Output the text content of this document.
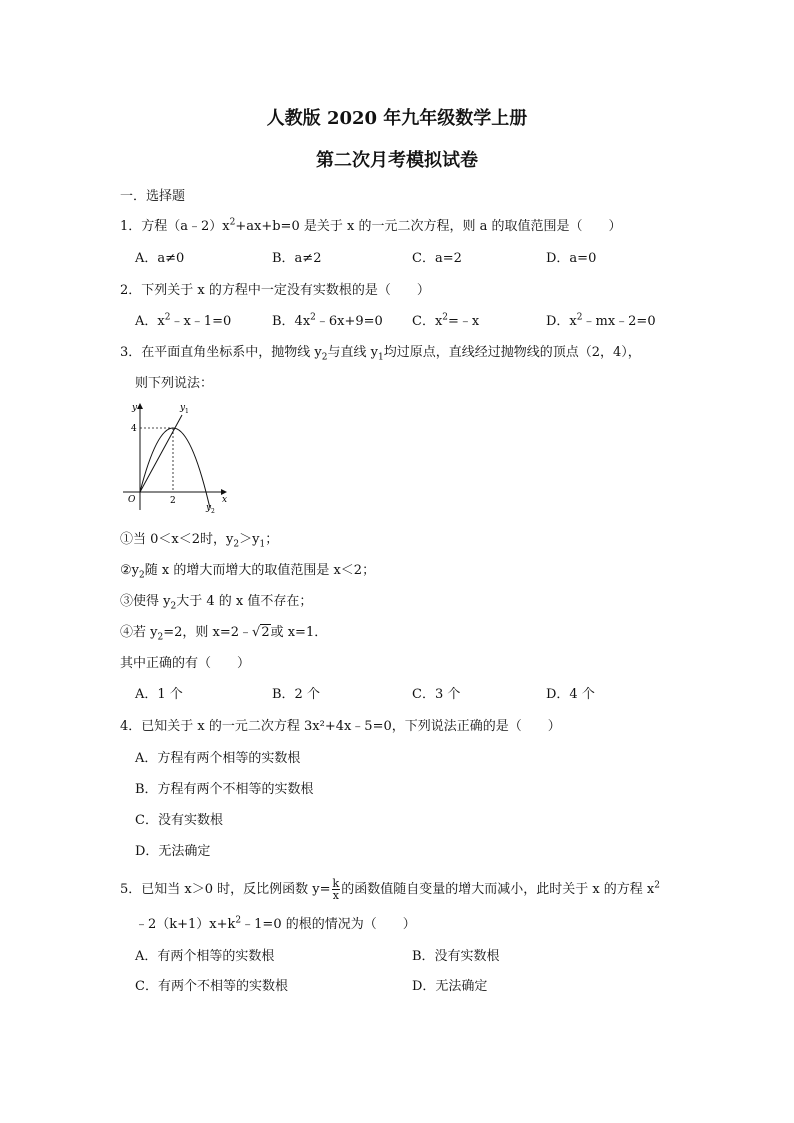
人教版 2020 年九年级数学上册
第二次月考模拟试卷
一．选择题
1．方程$(a﹣2)x^2+ax+b=0$ 是关于 x 的一元二次方程，则 a 的取值范围是（　　）
A．a≠0	B．a≠2	C．a=2	D．a=0
2．下列关于 x 的方程中一定没有实数根的是（　　）
A．$x^2﹣x﹣1=0$	B．$4x^2﹣6x+9=0$ C．$x^2=﹣x$	D．$x^2﹣mx﹣2=0$
3．在平面直角坐标系中，抛物线 $y_2$与直线 $y_1$均过原点，直线经过抛物线的顶点（2，4），
则下列说法：
y
x
O
4
2
y 1
y 2
①当 0＜x＜2时，$y_2>y_1$；
$②y_2$随 x 的增大而增大的取值范围是 x＜2；
③使得 $y_2$大于 4 的 x 值不存在；
④若 $y_2=2$，则 x=2﹣√2或 x=1．
其中正确的有（　　）
A．1 个	B．2 个	C．3 个	D．4 个
4．已知关于 x 的一元二次方程 3x²+4x﹣5=0，下列说法正确的是（　　）
A．方程有两个相等的实数根
B．方程有两个不相等的实数根
C．没有实数根
D．无法确定
5．已知当 x＞0 时，反比例函数 $y= \frac{k}{x}$ 的函数值随自变量的增大而减小，此时关于 x 的方程 $x^2$
$﹣2(k+1)x+k^2﹣1=0$ 的根的情况为（　　）
A．有两个相等的实数根	B．没有实数根
C．有两个不相等的实数根	D．无法确定
